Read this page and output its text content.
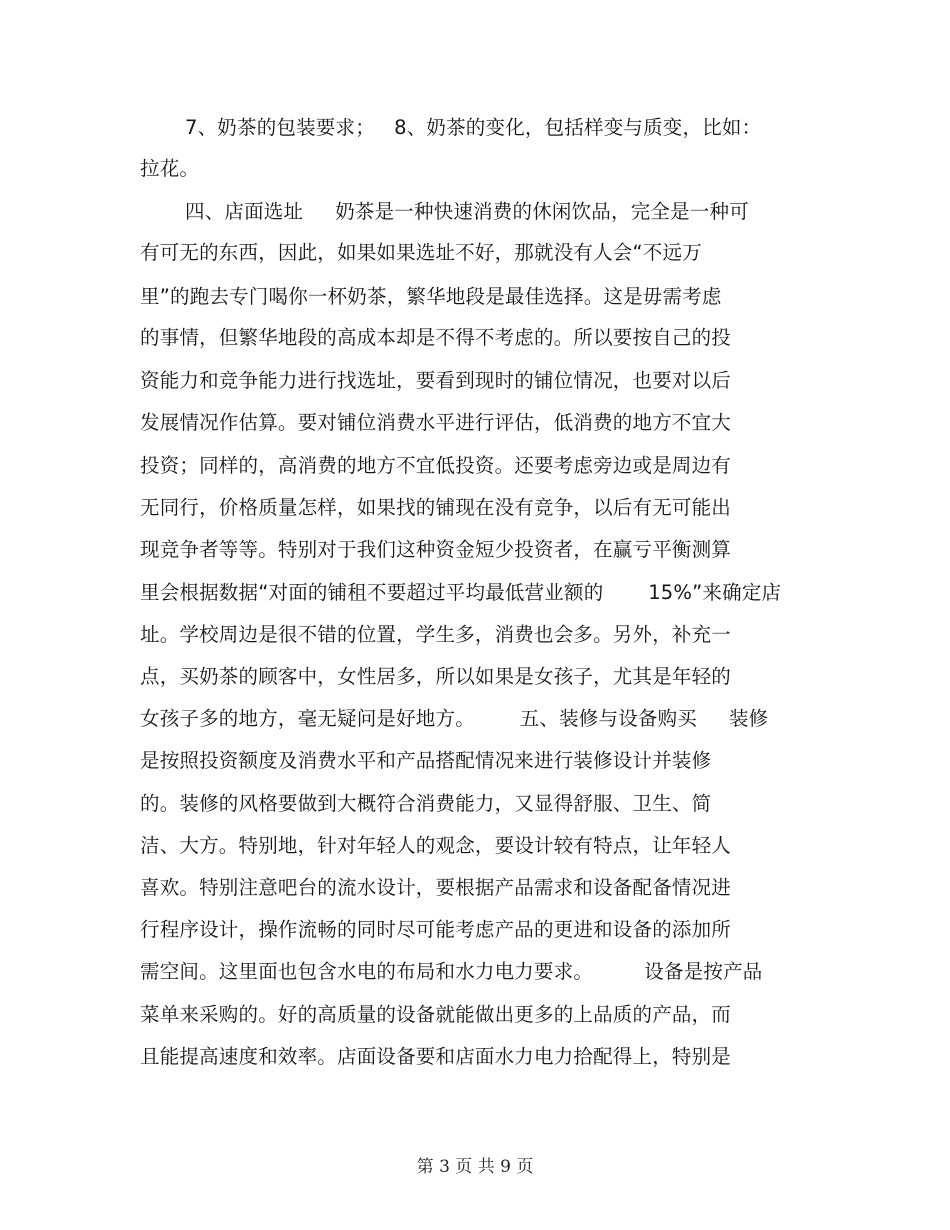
7、奶茶的包装要求；   8、奶茶的变化，包括样变与质变，比如：
拉花。
四、店面选址     奶茶是一种快速消费的休闲饮品，完全是一种可
有可无的东西，因此，如果如果选址不好，那就没有人会“不远万
里”的跑去专门喝你一杯奶茶，繁华地段是最佳选择。这是毋需考虑
的事情，但繁华地段的高成本却是不得不考虑的。所以要按自己的投
资能力和竞争能力进行找选址，要看到现时的铺位情况，也要对以后
发展情况作估算。要对铺位消费水平进行评估，低消费的地方不宜大
投资；同样的，高消费的地方不宜低投资。还要考虑旁边或是周边有
无同行，价格质量怎样，如果找的铺现在没有竞争，以后有无可能出
现竞争者等等。特别对于我们这种资金短少投资者，在赢亏平衡测算
里会根据数据“对面的铺租不要超过平均最低营业额的       15%”来确定店
址。学校周边是很不错的位置，学生多，消费也会多。另外，补充一
点，买奶茶的顾客中，女性居多，所以如果是女孩子，尤其是年轻的
女孩子多的地方，毫无疑问是好地方。       五、装修与设备购买     装修
是按照投资额度及消费水平和产品搭配情况来进行装修设计并装修
的。装修的风格要做到大概符合消费能力，又显得舒服、卫生、简
洁、大方。特别地，针对年轻人的观念，要设计较有特点，让年轻人
喜欢。特别注意吧台的流水设计，要根据产品需求和设备配备情况进
行程序设计，操作流畅的同时尽可能考虑产品的更进和设备的添加所
需空间。这里面也包含水电的布局和水力电力要求。        设备是按产品
菜单来采购的。好的高质量的设备就能做出更多的上品质的产品，而
且能提高速度和效率。店面设备要和店面水力电力拾配得上，特别是
第 3 页 共 9 页
